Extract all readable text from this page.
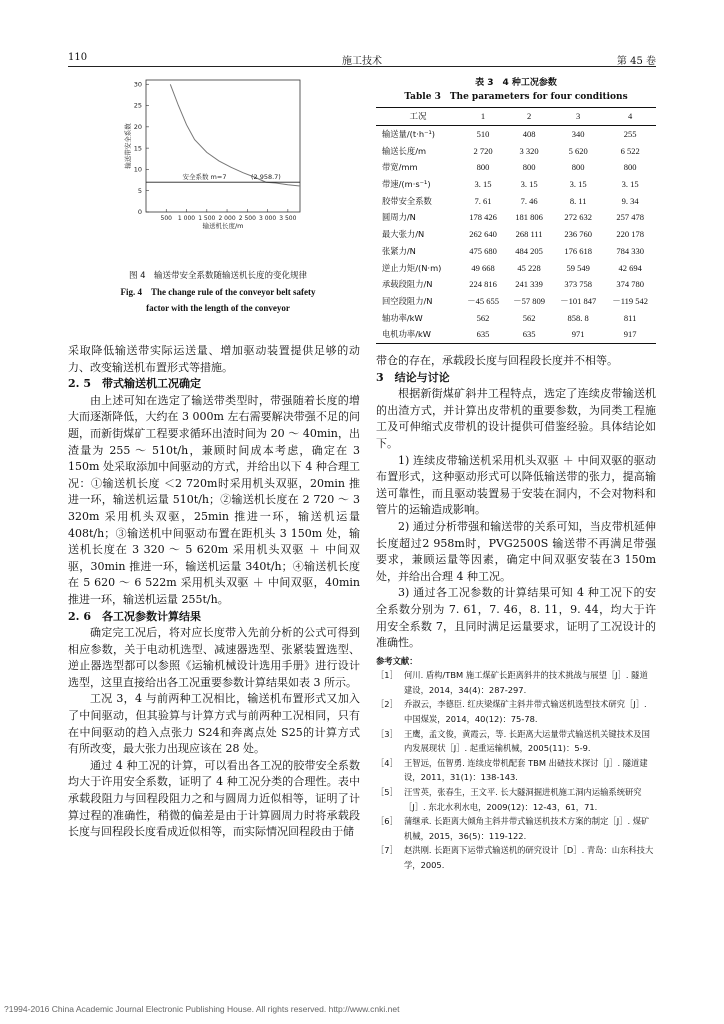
110	施工技术	第 45 卷
0
5
10
15
20
25
30
500 1 000 1 500 2 000 2 500 3 000 3 500
输送机长度/m
输送带安全系数
安全系数 m=7	(2 958.7)
图 4　输送带安全系数随输送机长度的变化规律
Fig. 4　The change rule of the conveyor belt safety
factor with the length of the conveyor
表 3　4 种工况参数
Table 3　The parameters for four conditions
工况	1	2	3	4
输送量/(t·h⁻¹)	510	408	340	255
输送长度/m	2 720	3 320	5 620	6 522
带宽/mm	800	800	800	800
带速/(m·s⁻¹)	3. 15	3. 15	3. 15	3. 15
胶带安全系数	7. 61	7. 46	8. 11	9. 34
圆周力/N	178 426	181 806	272 632	257 478
最大张力/N	262 640	268 111	236 760	220 178
张紧力/N	475 680	484 205	176 618	784 330
逆止力矩/(N·m)	49 668	45 228	59 549	42 694
承载段阻力/N	224 816	241 339	373 758	374 780
回空段阻力/N	－45 655	－57 809	－101 847	－119 542
轴功率/kW	562	562	858. 8	811
电机功率/kW	635	635	971	917

采取降低输送带实际运送量、增加驱动装置提供足够的动力、改变输送机布置形式等措施。

2. 5　带式输送机工况确定

由上述可知在选定了输送带类型时，带强随着长度的增大而逐渐降低，大约在 3 000m 左右需要解决带强不足的问题，而新街煤矿工程要求循环出渣时间为 20 ～ 40min，出渣量为 255 ～ 510t/h，兼顾时间成本考虑，确定在 3 150m 处采取添加中间驱动的方式，并给出以下 4 种合理工况：①输送机长度 ＜2 720m时采用机头双驱，20min 推进一环，输送机运量 510t/h；②输送机长度在 2 720 ～ 3 320m 采用机头双驱，25min 推进一环，输送机运量 408t/h；③输送机中间驱动布置在距机头 3 150m 处，输送机长度在 3 320 ～ 5 620m 采用机头双驱 ＋ 中间双驱，30min 推进一环，输送机运量 340t/h；④输送机长度在 5 620 ～ 6 522m 采用机头双驱 ＋ 中间双驱，40min 推进一环，输送机运量 255t/h。

2. 6　各工况参数计算结果

确定完工况后，将对应长度带入先前分析的公式可得到相应参数，关于电动机选型、减速器选型、张紧装置选型、逆止器选型都可以参照《运输机械设计选用手册》进行设计选型，这里直接给出各工况重要参数计算结果如表 3 所示。

工况 3，4 与前两种工况相比，输送机布置形式又加入了中间驱动，但其验算与计算方式与前两种工况相同，只有在中间驱动的趋入点张力 S24和奔离点处 S25的计算方式有所改变，最大张力出现应该在 28 处。

通过 4 种工况的计算，可以看出各工况的胶带安全系数均大于许用安全系数，证明了 4 种工况分类的合理性。表中承载段阻力与回程段阻力之和与圆周力近似相等，证明了计算过程的准确性，稍微的偏差是由于计算圆周力时将承载段长度与回程段长度看成近似相等，而实际情况回程段由于储

带仓的存在，承载段长度与回程段长度并不相等。

3　结论与讨论

根据新街煤矿斜井工程特点，选定了连续皮带输送机的出渣方式，并计算出皮带机的重要参数，为同类工程施工及可伸缩式皮带机的设计提供可借鉴经验。具体结论如下。

1) 连续皮带输送机采用机头双驱 ＋ 中间双驱的驱动布置形式，这种驱动形式可以降低输送带的张力，提高输送可靠性，而且驱动装置易于安装在洞内，不会对物料和管片的运输造成影响。

2) 通过分析带强和输送带的关系可知，当皮带机延伸长度超过2 958m时，PVG2500S 输送带不再满足带强要求，兼顾运量等因素，确定中间双驱安装在3 150m处，并给出合理 4 种工况。

3) 通过各工况参数的计算结果可知 4 种工况下的安全系数分别为 7. 61，7. 46，8. 11，9. 44，均大于许用安全系数 7，且同时满足运量要求，证明了工况设计的准确性。

参考文献：
［1］ 何川. 盾构/TBM 施工煤矿长距离斜井的技术挑战与展望［J］. 隧道建设，2014，34(4)：287-297.
［2］ 乔淑云，李德臣. 红庆梁煤矿主斜井带式输送机选型技术研究［J］. 中国煤炭，2014，40(12)：75-78.
［3］ 王鹰，孟文俊，黄霞云，等. 长距离大运量带式输送机关键技术及国内发展现状［J］. 起重运输机械，2005(11)：5-9.
［4］ 王智远，伍智勇. 连续皮带机配套 TBM 出碴技术探讨［J］. 隧道建设，2011，31(1)：138-143.
［5］ 汪雪英，张春生，王文平. 长大隧洞掘进机施工洞内运输系统研究［J］. 东北水利水电，2009(12)：12-43，61，71.
［6］ 蒲继承. 长距离大倾角主斜井带式输送机技术方案的制定［J］. 煤矿机械，2015，36(5)：119-122.
［7］ 赵洪刚. 长距离下运带式输送机的研究设计［D］. 青岛：山东科技大学，2005.
?1994-2016 China Academic Journal Electronic Publishing House. All rights reserved. http://www.cnki.net
